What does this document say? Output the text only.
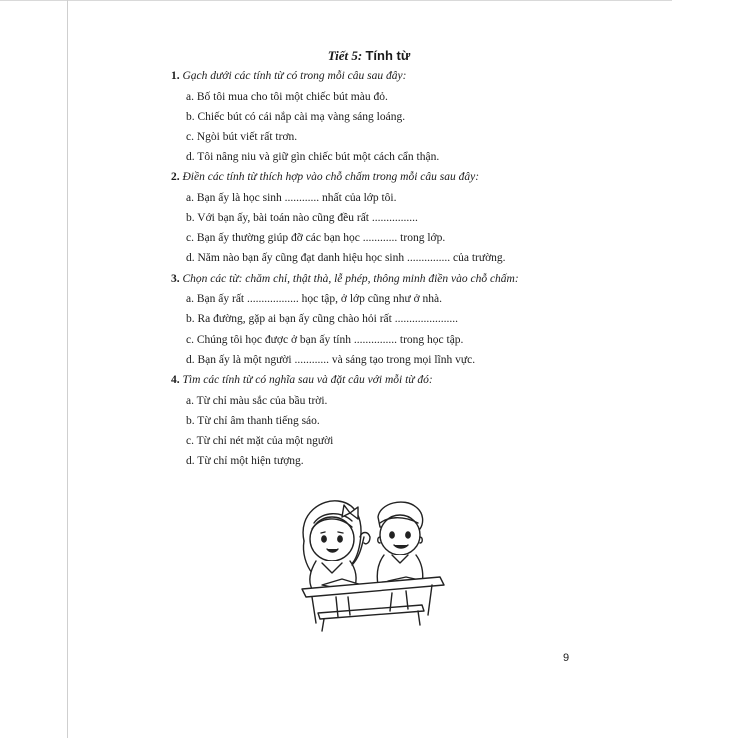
Tiết 5: Tính từ
1. Gạch dưới các tính từ có trong mỗi câu sau đây:
a. Bố tôi mua cho tôi một chiếc bút màu đỏ.
b. Chiếc bút có cái nắp cài mạ vàng sáng loáng.
c. Ngòi bút viết rất trơn.
d. Tôi nâng niu và giữ gìn chiếc bút một cách cẩn thận.
2. Điền các tính từ thích hợp vào chỗ chấm trong mỗi câu sau đây:
a. Bạn ấy là học sinh ............ nhất của lớp tôi.
b. Với bạn ấy, bài toán nào cũng đều rất ................
c. Bạn ấy thường giúp đỡ các bạn học ............ trong lớp.
d. Năm nào bạn ấy cũng đạt danh hiệu học sinh ............... của trường.
3. Chọn các từ: chăm chỉ, thật thà, lễ phép, thông minh điền vào chỗ chấm:
a. Bạn ấy rất .................. học tập, ở lớp cũng như ở nhà.
b. Ra đường, gặp ai bạn ấy cũng chào hỏi rất ......................
c. Chúng tôi học được ở bạn ấy tính ............... trong học tập.
d. Bạn ấy là một người ............ và sáng tạo trong mọi lĩnh vực.
4. Tìm các tính từ có nghĩa sau và đặt câu với mỗi từ đó:
a. Từ chỉ màu sắc của bầu trời.
b. Từ chỉ âm thanh tiếng sáo.
c. Từ chỉ nét mặt của một người
d. Từ chỉ một hiện tượng.
9
